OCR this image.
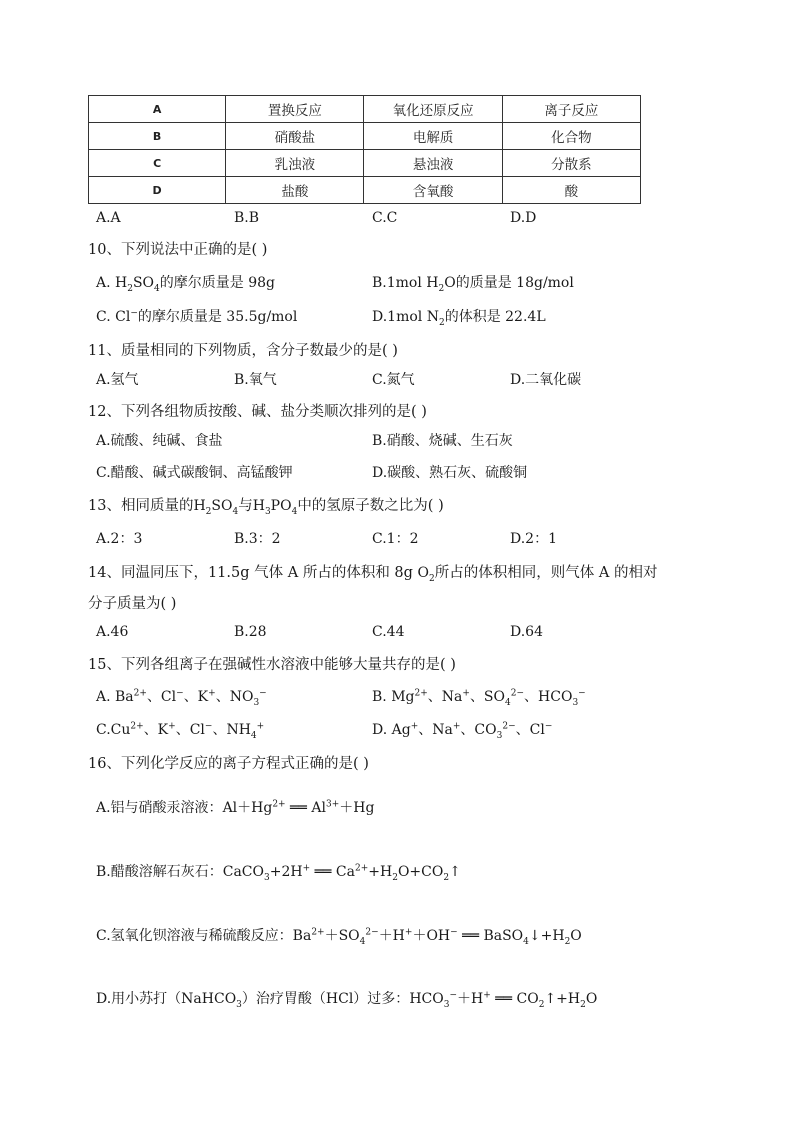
A	置换反应	氧化还原反应	离子反应
B	硝酸盐	电解质	化合物
C	乳浊液	悬浊液	分散系
D	盐酸	含氧酸	酸
A.A	B.B	C.C	D.D
10、下列说法中正确的是( )
A. $H_2SO_4$的摩尔质量是 98g	B.1mol $H_2O$的质量是 18g/mol
C. Cl−的摩尔质量是 35.5g/mol	D.1mol $N_2$的体积是 22.4L
11、质量相同的下列物质，含分子数最少的是( )
A.氢气	B.氧气	C.氮气	D.二氧化碳
12、下列各组物质按酸、碱、盐分类顺次排列的是( )
A.硫酸、纯碱、食盐	B.硝酸、烧碱、生石灰
C.醋酸、碱式碳酸铜、高锰酸钾	D.碳酸、熟石灰、硫酸铜
13、相同质量的$H_2SO_4$与$H_3PO_4$中的氢原子数之比为( )
A.2：3	B.3：2	C.1：2	D.2：1
14、同温同压下，11.5g 气体 A 所占的体积和 8g $O_2$所占的体积相同，则气体 A 的相对
分子质量为( )
A.46	B.28	C.44	D.64
15、下列各组离子在强碱性水溶液中能够大量共存的是( )
A. $Ba^{2+}$、Cl−、K+、$NO_3^-$	B. $Mg^{2+}$、Na+、$SO_4^{2-}$、$HCO_3^-$
$C.Cu^{2+}$、K+、Cl−、$NH_4^+$	D. Ag+、Na+、$CO_3^{2-}$、Cl−
16、下列化学反应的离子方程式正确的是( )
A.铝与硝酸汞溶液：$Al+Hg^{2+}$ ══ $Al^{3+}+Hg$
B.醋酸溶解石灰石：CaCO$_3$+2H+ ══ $Ca^{2+}+H_2O+CO_2↑$
C.氢氧化钡溶液与稀硫酸反应：$Ba^{2+}+SO_4^{2-}+H^++OH^-$ ══ $BaSO_4↓+H_2O$
D.用小苏打（NaHCO$_3$）治疗胃酸（HCl）过多：$HCO_3^-+H^+$ ══ $CO_2↑+H_2O$
